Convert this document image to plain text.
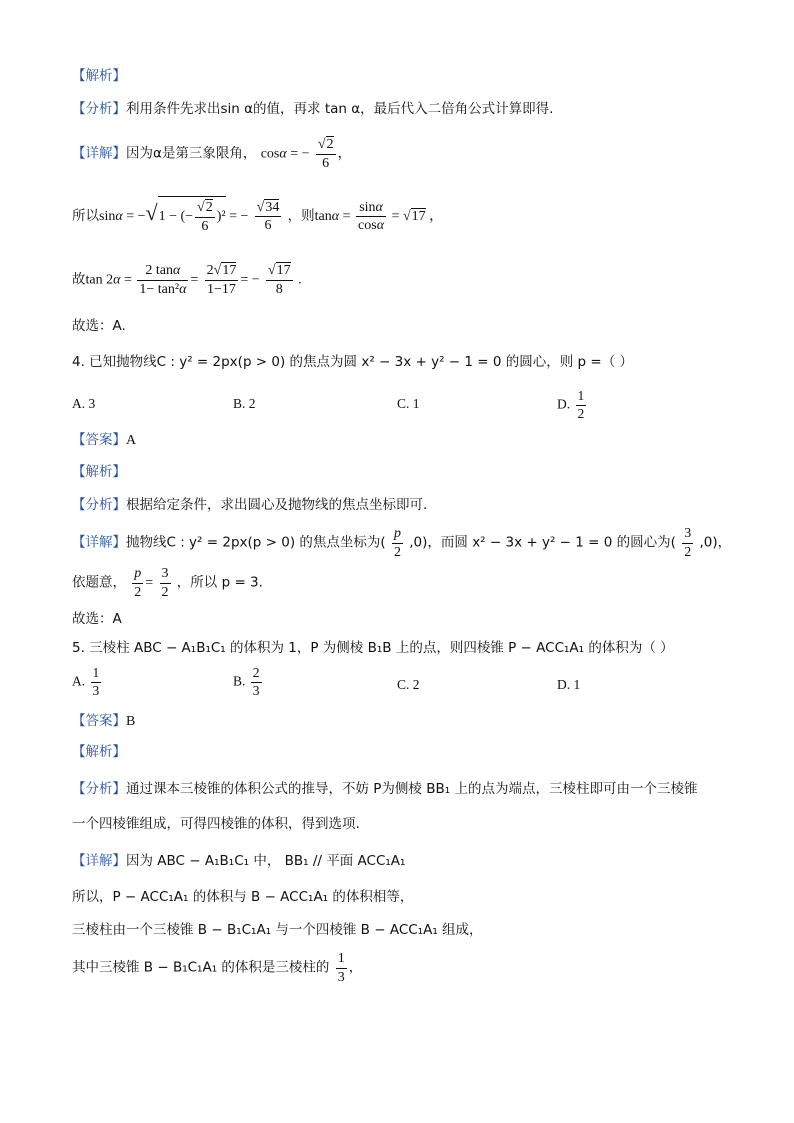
【解析】
【分析】利用条件先求出sin α的值，再求 tan α，最后代入二倍角公式计算即得.
【详解】因为α是第三象限角， cosα = − $\frac{√2}{6}$ ，
所以sinα = −√1 − (− $\frac{√2}{6} )^2$ = − $\frac{√34}{6}$ ，则$\tan\alpha = \frac{\sin\alpha}{\cos\alpha} = √17$ ，
故$\tan 2\alpha = \frac{2 \tan\alpha}{\text{1− tan²α}} = \frac{2√17}{1-17}$ = − $\frac{√17}{8}$ .
故选：A.
4. 已知抛物线C : y² = 2px(p > 0) 的焦点为圆 x² − 3x + y² − 1 = 0 的圆心，则 p =（ ）
A. 3	B. 2	C. 1	D. $\frac{1}{2}$
【答案】A
【解析】
【分析】根据给定条件，求出圆心及抛物线的焦点坐标即可.
【详解】抛物线C : y² = 2px(p > 0) 的焦点坐标为( $\frac{p}{2} ,0$)，而圆 x² − 3x + y² − 1 = 0 的圆心为( $\frac{3}{2} ,0$)，
依题意， $\frac{p}{2} = \frac{3}{2}$ ，所以 p = 3.
故选：A
5. 三棱柱 ABC − A₁B₁C₁ 的体积为 1，P 为侧棱 B₁B 上的点，则四棱锥 P − ACC₁A₁ 的体积为（ ）
A. $\frac{1}{3}$	B. $\frac{2}{3}$	C. 2	D. 1
【答案】B
【解析】
【分析】通过课本三棱锥的体积公式的推导，不妨 P为侧棱 BB₁ 上的点为端点，三棱柱即可由一个三棱锥
一个四棱锥组成，可得四棱锥的体积，得到选项.
【详解】因为 ABC − A₁B₁C₁ 中， BB₁ // 平面 ACC₁A₁
所以，P − ACC₁A₁ 的体积与 B − ACC₁A₁ 的体积相等，
三棱柱由一个三棱锥 B − B₁C₁A₁ 与一个四棱锥 B − ACC₁A₁ 组成，
其中三棱锥 B − B₁C₁A₁ 的体积是三棱柱的 $\frac{1}{3}$ ，
